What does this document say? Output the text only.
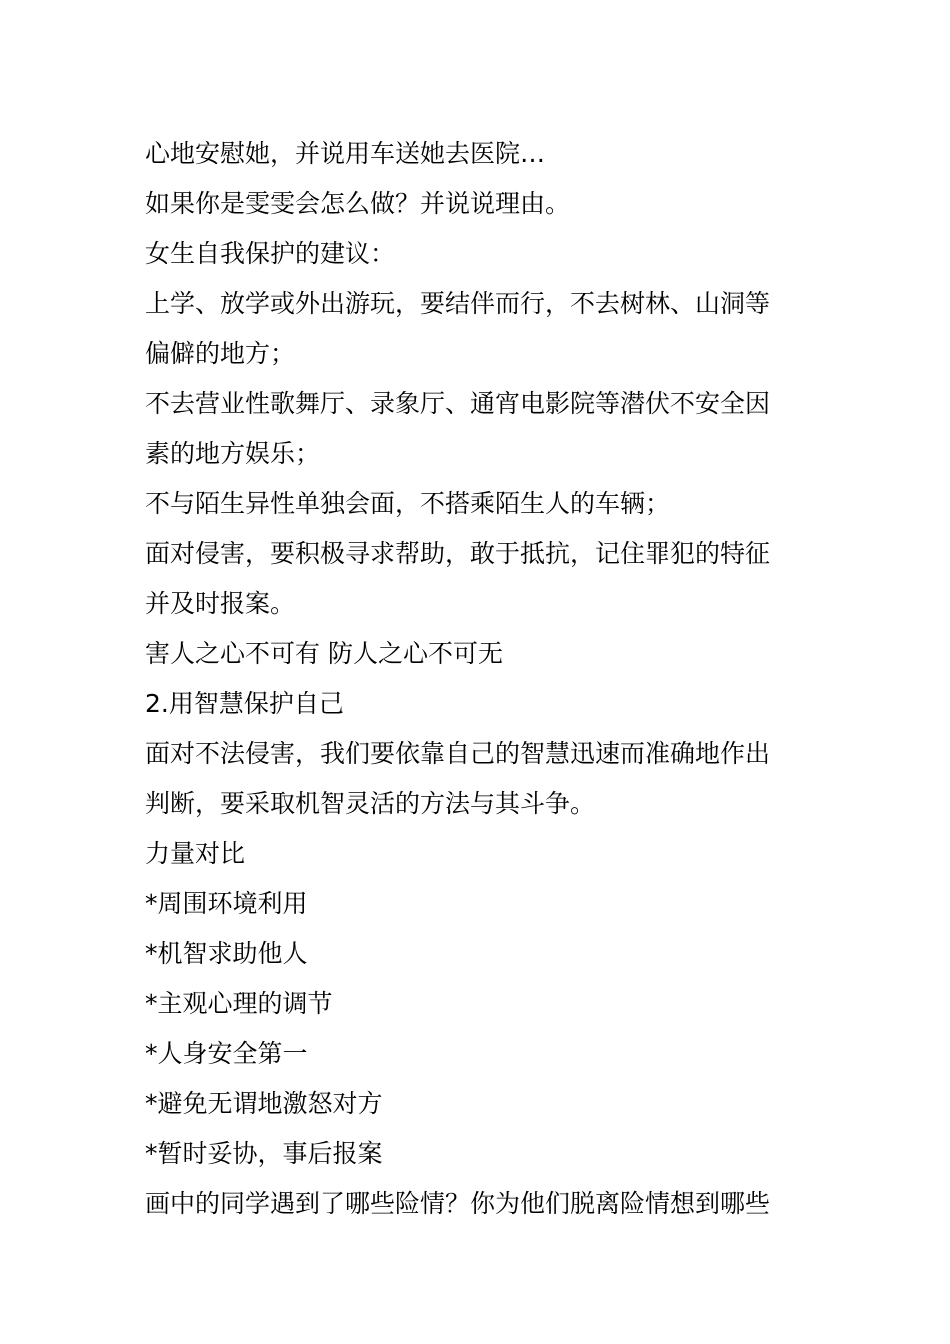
心地安慰她，并说用车送她去医院…
如果你是雯雯会怎么做？并说说理由。
女生自我保护的建议：
上学、放学或外出游玩，要结伴而行，不去树林、山洞等
偏僻的地方；
不去营业性歌舞厅、录象厅、通宵电影院等潜伏不安全因
素的地方娱乐；
不与陌生异性单独会面，不搭乘陌生人的车辆；
面对侵害，要积极寻求帮助，敢于抵抗，记住罪犯的特征
并及时报案。
害人之心不可有 防人之心不可无
2.用智慧保护自己
面对不法侵害，我们要依靠自己的智慧迅速而准确地作出
判断，要采取机智灵活的方法与其斗争。
力量对比
*周围环境利用
*机智求助他人
*主观心理的调节
*人身安全第一
*避免无谓地激怒对方
*暂时妥协，事后报案
画中的同学遇到了哪些险情？你为他们脱离险情想到哪些
